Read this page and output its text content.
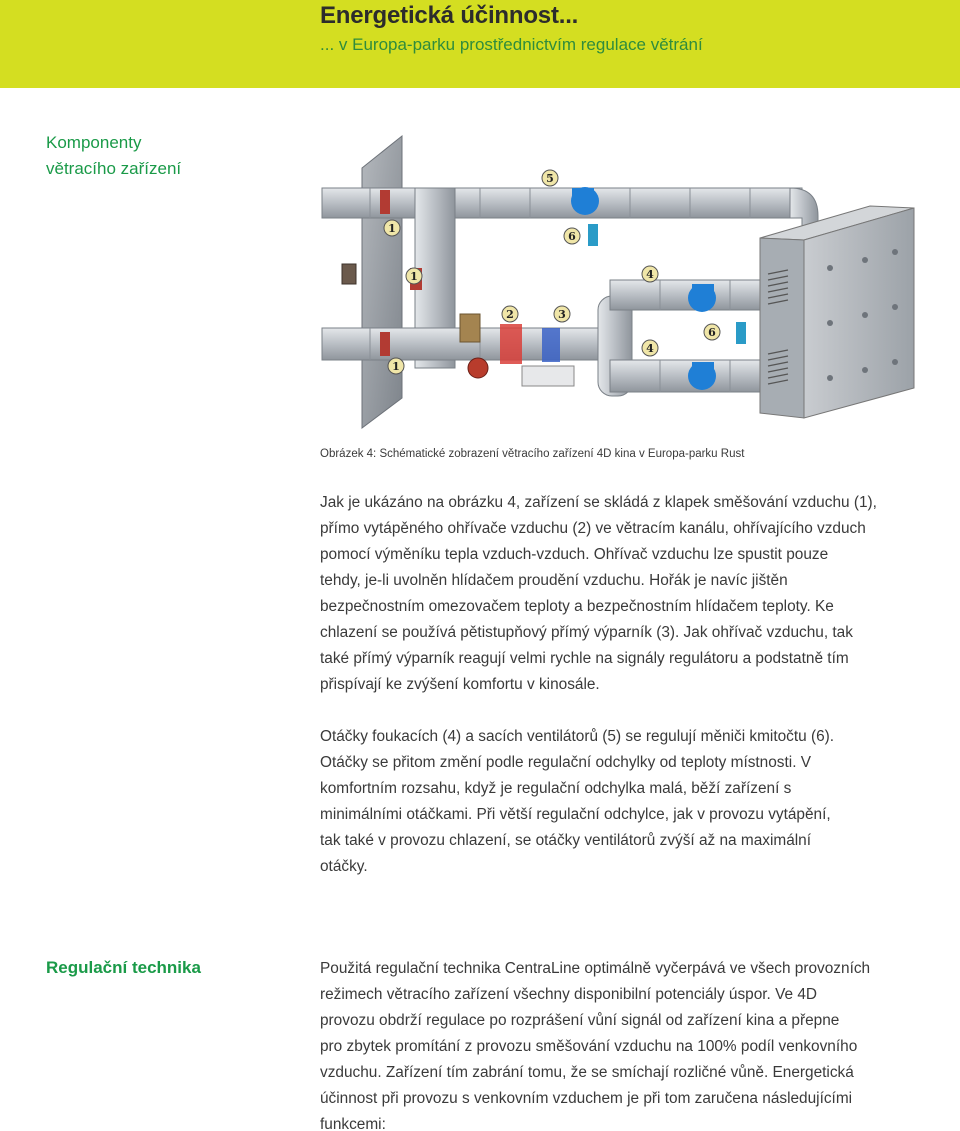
Energetická účinnost...
... v Europa-parku prostřednictvím regulace větrání
Komponenty
větracího zařízení
1
1
1
2	3
4
4
5
6
6
Obrázek 4: Schématické zobrazení větracího zařízení 4D kina v Europa-parku Rust
Jak je ukázáno na obrázku 4, zařízení se skládá z klapek směšování vzduchu (1),
přímo vytápěného ohřívače vzduchu (2) ve větracím kanálu, ohřívajícího vzduch
pomocí výměníku tepla vzduch-vzduch. Ohřívač vzduchu lze spustit pouze
tehdy, je-li uvolněn hlídačem proudění vzduchu. Hořák je navíc jištěn
bezpečnostním omezovačem teploty a bezpečnostním hlídačem teploty. Ke
chlazení se používá pětistupňový přímý výparník (3). Jak ohřívač vzduchu, tak
také přímý výparník reagují velmi rychle na signály regulátoru a podstatně tím
přispívají ke zvýšení komfortu v kinosále.
Otáčky foukacích (4) a sacích ventilátorů (5) se regulují měniči kmitočtu (6).
Otáčky se přitom změní podle regulační odchylky od teploty místnosti. V
komfortním rozsahu, když je regulační odchylka malá, běží zařízení s
minimálními otáčkami. Při větší regulační odchylce, jak v provozu vytápění,
tak také v provozu chlazení, se otáčky ventilátorů zvýší až na maximální
otáčky.
Regulační technika	Použitá regulační technika CentraLine optimálně vyčerpává ve všech provozních
režimech větracího zařízení všechny disponibilní potenciály úspor. Ve 4D
provozu obdrží regulace po rozprášení vůní signál od zařízení kina a přepne
pro zbytek promítání z provozu směšování vzduchu na 100% podíl venkovního
vzduchu. Zařízení tím zabrání tomu, že se smíchají rozličné vůně. Energetická
účinnost při provozu s venkovním vzduchem je při tom zaručena následujícími
funkcemi:
